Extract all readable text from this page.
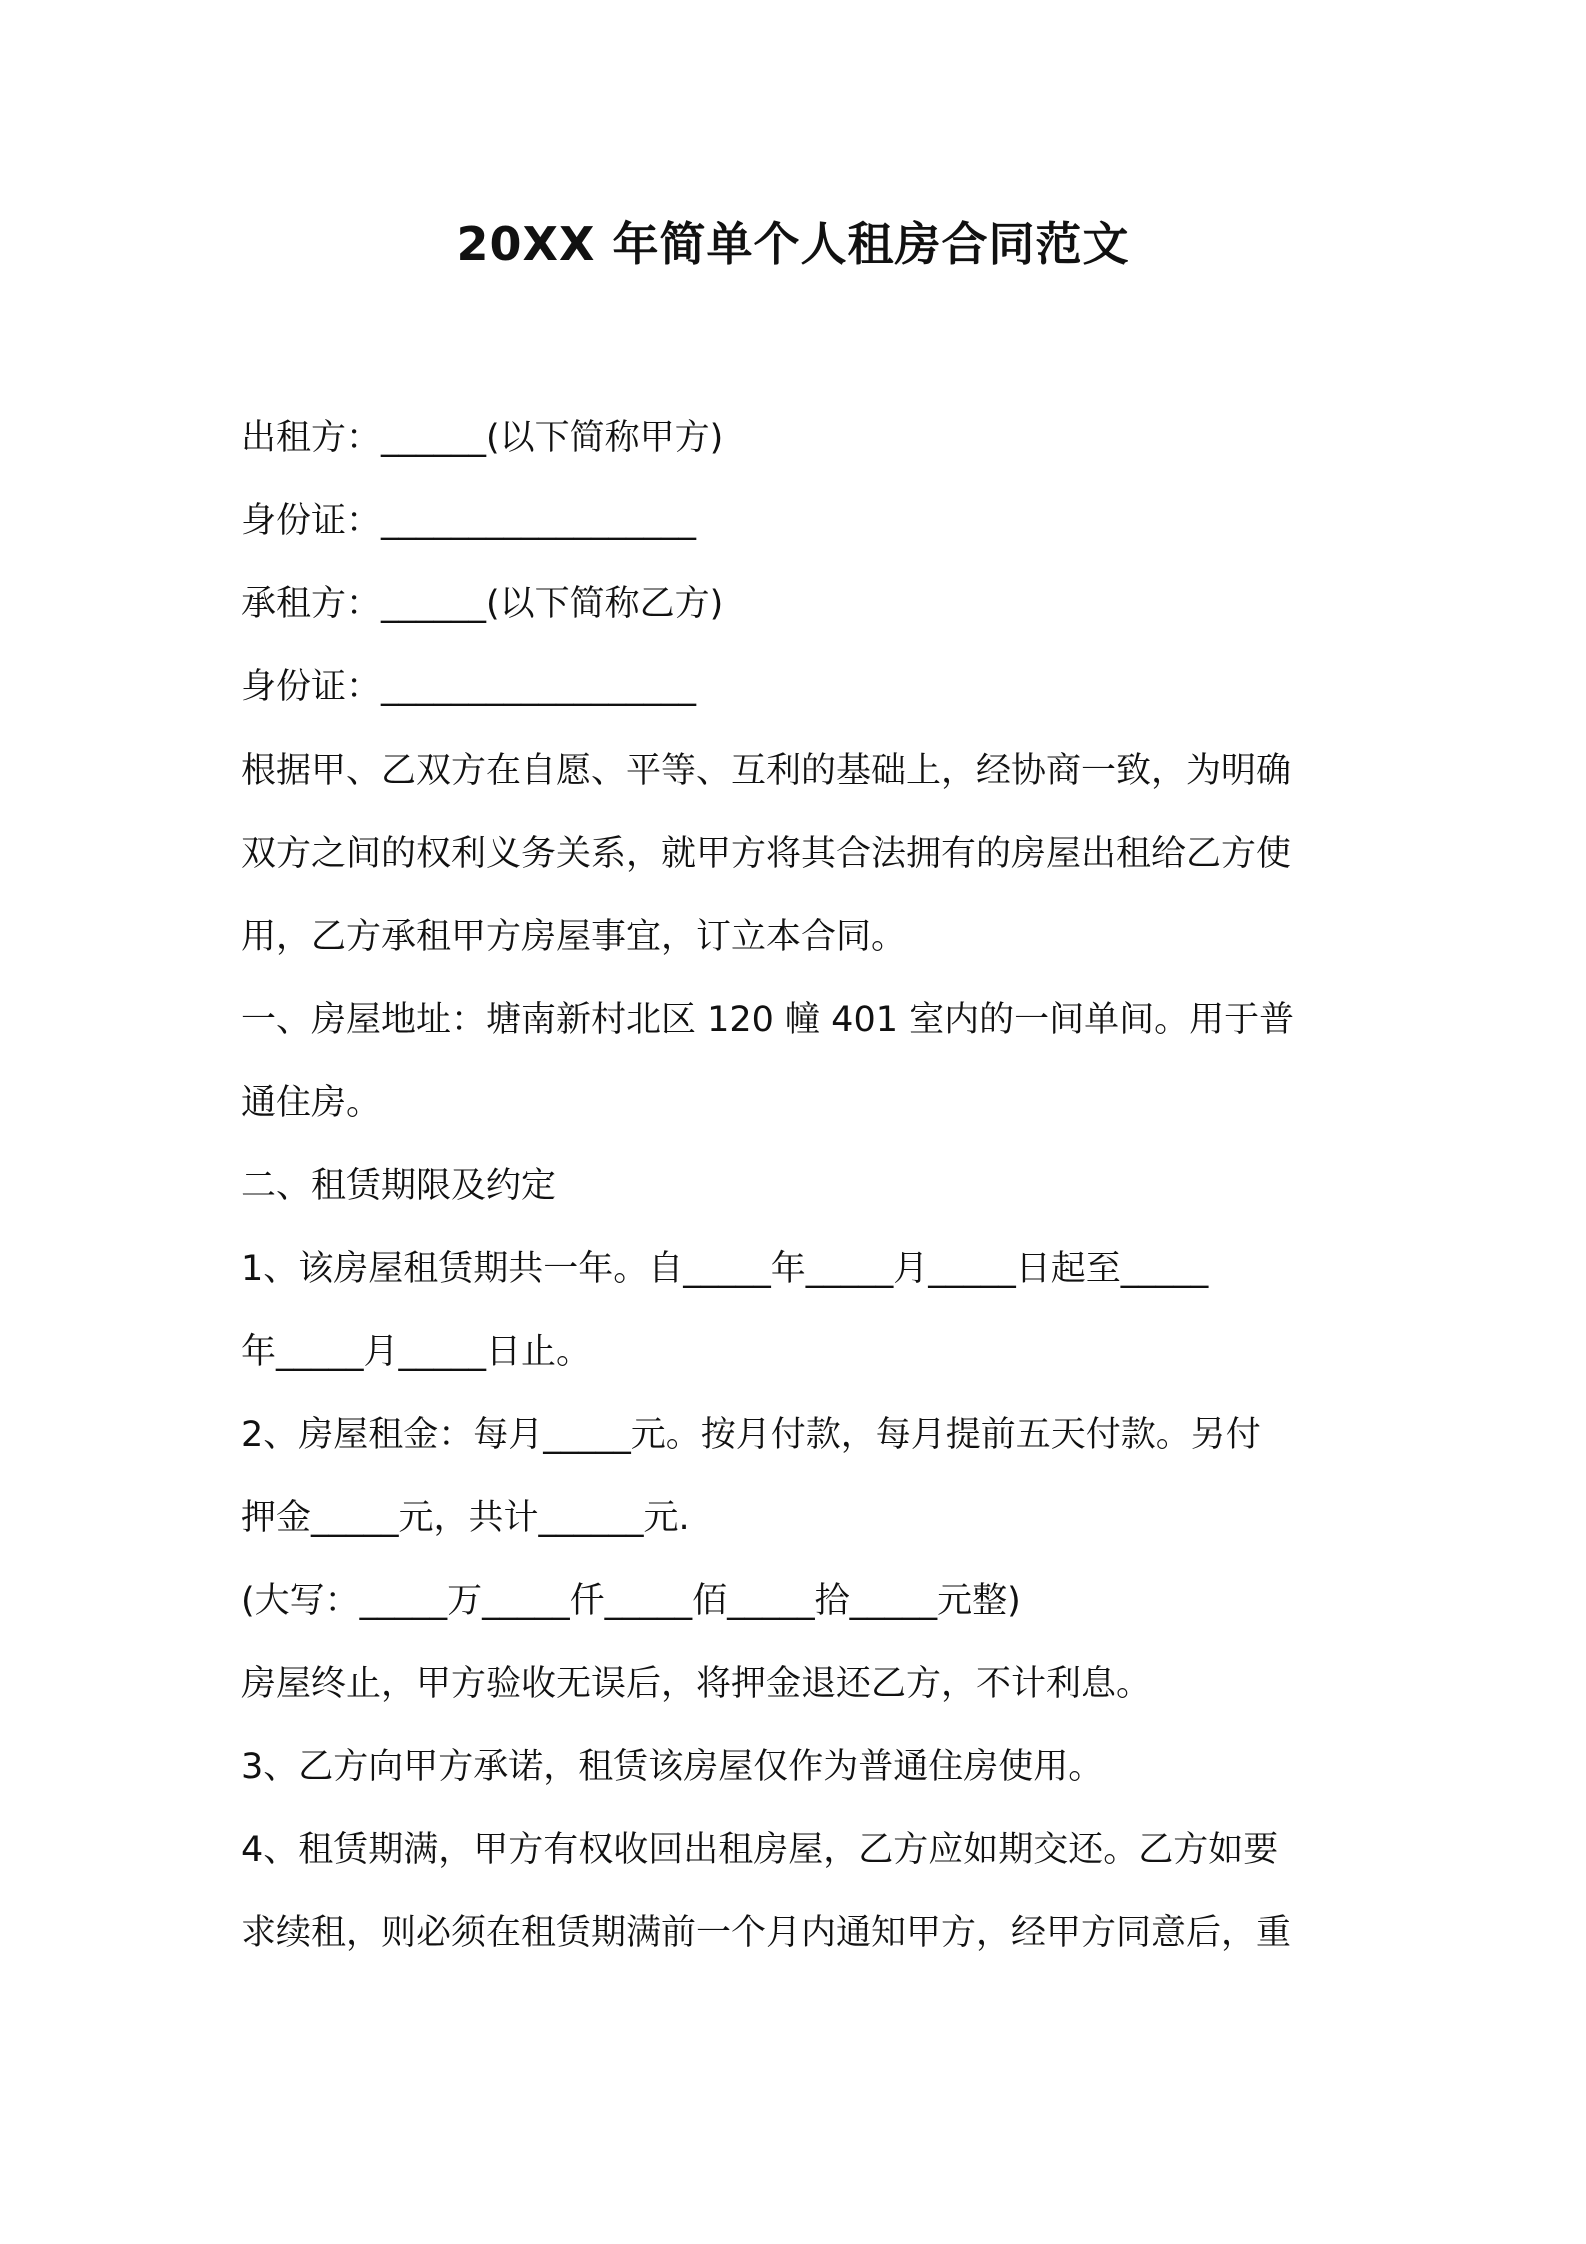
20XX 年简单个人租房合同范文
出租方：______(以下简称甲方)
身份证：__________________
承租方：______(以下简称乙方)
身份证：__________________
根据甲、乙双方在自愿、平等、互利的基础上，经协商一致，为明确
双方之间的权利义务关系，就甲方将其合法拥有的房屋出租给乙方使
用，乙方承租甲方房屋事宜，订立本合同。
一、房屋地址：塘南新村北区 120 幢 401 室内的一间单间。用于普
通住房。
二、租赁期限及约定
1、该房屋租赁期共一年。自_____年_____月_____日起至_____
年_____月_____日止。
2、房屋租金：每月_____元。按月付款，每月提前五天付款。另付
押金_____元，共计______元.
(大写：_____万_____仟_____佰_____拾_____元整)
房屋终止，甲方验收无误后，将押金退还乙方，不计利息。
3、乙方向甲方承诺，租赁该房屋仅作为普通住房使用。
4、租赁期满，甲方有权收回出租房屋，乙方应如期交还。乙方如要
求续租，则必须在租赁期满前一个月内通知甲方，经甲方同意后，重
